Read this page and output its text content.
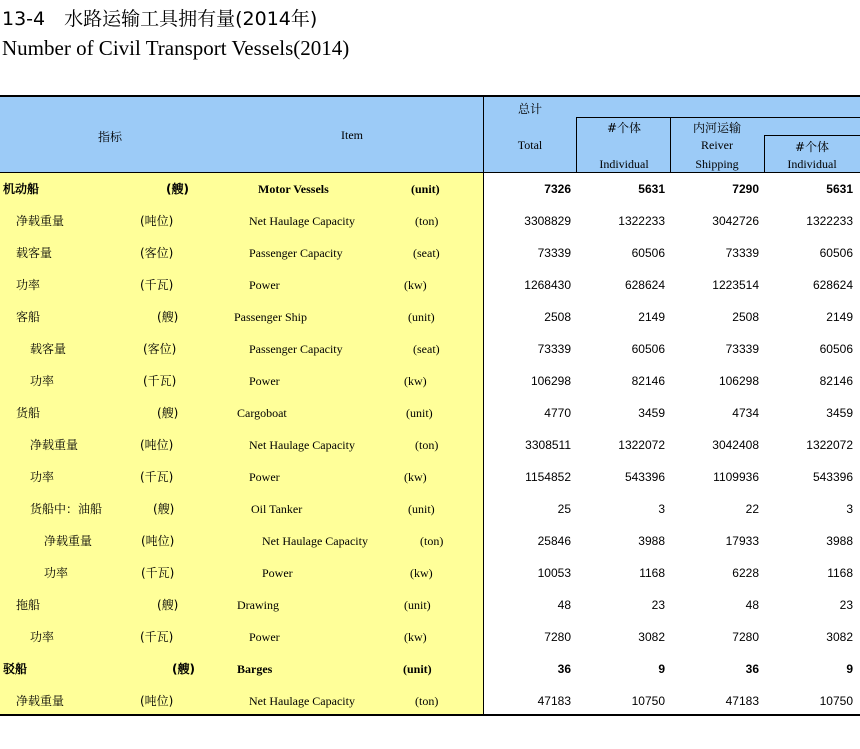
13-4　水路运输工具拥有量(2014年)
Number of Civil Transport Vessels(2014)
指标	Item
总计
Total
#个体
Individual
内河运输
Reiver
Shipping
#个体
Individual
机动船	(艘)	Motor Vessels	(unit)	7326	5631	7290	5631
净载重量	(吨位)	Net Haulage Capacity	(ton)	3308829	1322233	3042726	1322233
载客量	(客位)	Passenger Capacity	(seat)	73339	60506	73339	60506
功率	(千瓦)	Power	(kw)	1268430	628624	1223514	628624
客船	(艘)	Passenger Ship	(unit)	2508	2149	2508	2149
载客量	(客位)	Passenger Capacity	(seat)	73339	60506	73339	60506
功率	(千瓦)	Power	(kw)	106298	82146	106298	82146
货船	(艘)	Cargoboat	(unit)	4770	3459	4734	3459
净载重量	(吨位)	Net Haulage Capacity	(ton)	3308511	1322072	3042408	1322072
功率	(千瓦)	Power	(kw)	1154852	543396	1109936	543396
货船中：油船	(艘)	Oil Tanker	(unit)	25	3	22	3
净载重量	(吨位)	Net Haulage Capacity	(ton)	25846	3988	17933	3988
功率	(千瓦)	Power	(kw)	10053	1168	6228	1168
拖船	(艘)	Drawing	(unit)	48	23	48	23
功率	(千瓦)	Power	(kw)	7280	3082	7280	3082
驳船	(艘)	Barges	(unit)	36	9	36	9
净载重量	(吨位)	Net Haulage Capacity	(ton)	47183	10750	47183	10750
